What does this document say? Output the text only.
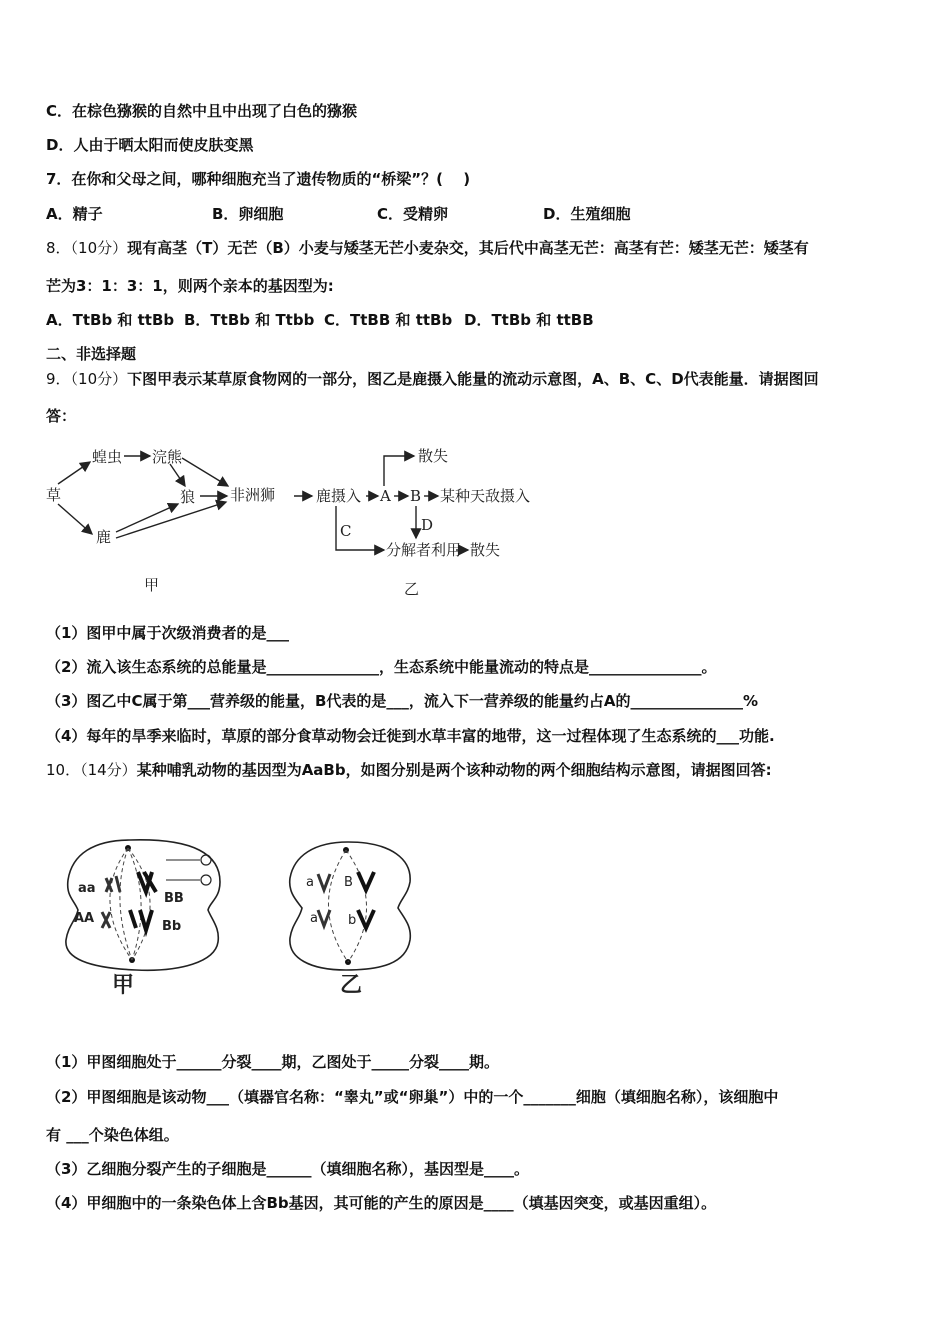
C．在棕色猕猴的自然中且中出现了白色的猕猴
D．人由于晒太阳而使皮肤变黑
7．在你和父母之间，哪种细胞充当了遗传物质的“桥梁”？(　 )
A．精子	B．卵细胞	C．受精卵	D．生殖细胞
8．（10分）现有高茎（T）无芒（B）小麦与矮茎无芒小麦杂交，其后代中高茎无芒：高茎有芒：矮茎无芒：矮茎有
芒为3：1：3：1，则两个亲本的基因型为:
A．TtBb 和 ttBb B．TtBb 和 Ttbb C．TtBB 和 ttBb D．TtBb 和 ttBB
二、非选择题
9．（10分）下图甲表示某草原食物网的一部分，图乙是鹿摄入能量的流动示意图，A、B、C、D代表能量．请据图回
答：
草
蝗虫 浣熊
狼 非洲狮
鹿
甲
鹿摄入 A B 某种天敌摄入
散失
C	D
分解者利用 散失
乙
（1）图甲中属于次级消费者的是___
（2）流入该生态系统的总能量是_______________，生态系统中能量流动的特点是_______________。
（3）图乙中C属于第___营养级的能量，B代表的是___，流入下一营养级的能量约占A的_______________%
（4）每年的旱季来临时，草原的部分食草动物会迁徙到水草丰富的地带，这一过程体现了生态系统的___功能.
10．（14分）某种哺乳动物的基因型为AaBb，如图分别是两个该种动物的两个细胞结构示意图，请据图回答:
aa
AA
BB
Bb
甲
a
a
B
b
乙
（1）甲图细胞处于______分裂____期，乙图处于_____分裂____期。
（2）甲图细胞是该动物___（填器官名称：“睾丸”或“卵巢”）中的一个_______细胞（填细胞名称），该细胞中
有 ___个染色体组。
（3）乙细胞分裂产生的子细胞是______（填细胞名称），基因型是____。
（4）甲细胞中的一条染色体上含Bb基因，其可能的产生的原因是____（填基因突变，或基因重组）。
